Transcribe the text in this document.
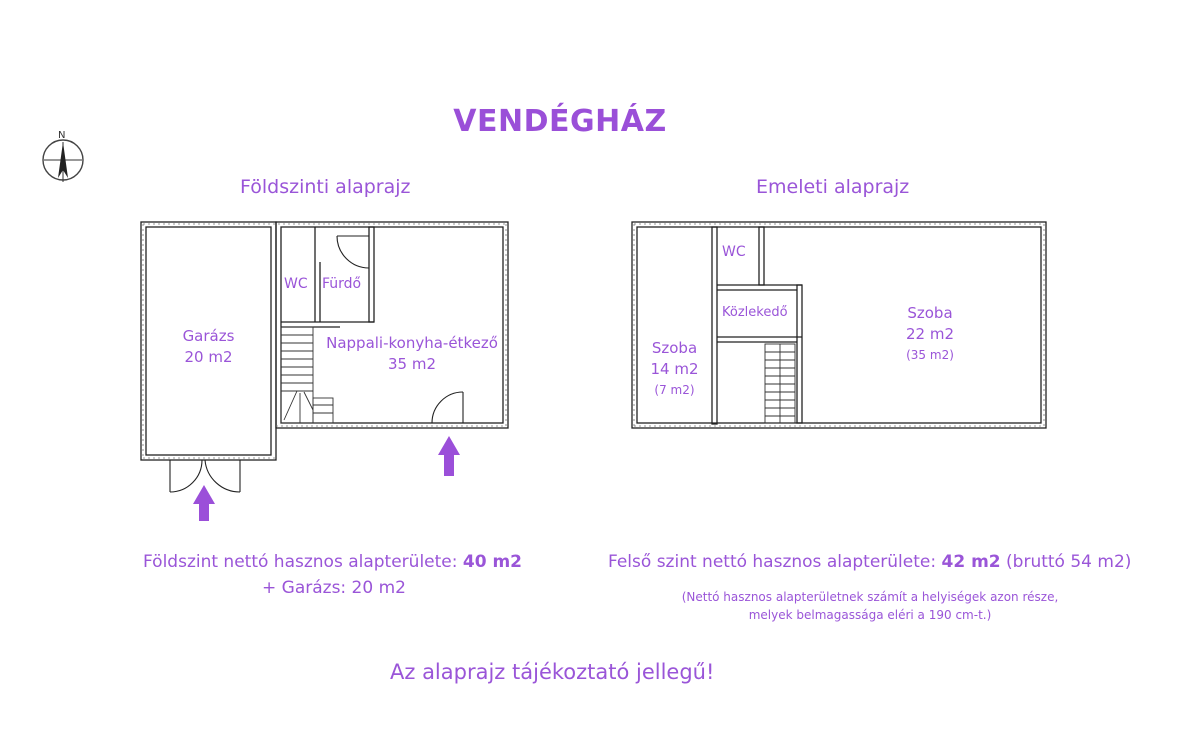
VENDÉGHÁZ
N
Földszinti alaprajz
Garázs
20 m2
WC Fürdő
Nappali-konyha-étkező
35 m2
Emeleti alaprajz
WC
Közlekedő
Szoba
14 m2
(7 m2)
Szoba
22 m2
(35 m2)
Földszint nettó hasznos alapterülete: 40 m2
+ Garázs: 20 m2
Felső szint nettó hasznos alapterülete: 42 m2 (bruttó 54 m2)
(Nettó hasznos alapterületnek számít a helyiségek azon része,
melyek belmagassága eléri a 190 cm-t.)
Az alaprajz tájékoztató jellegű!
